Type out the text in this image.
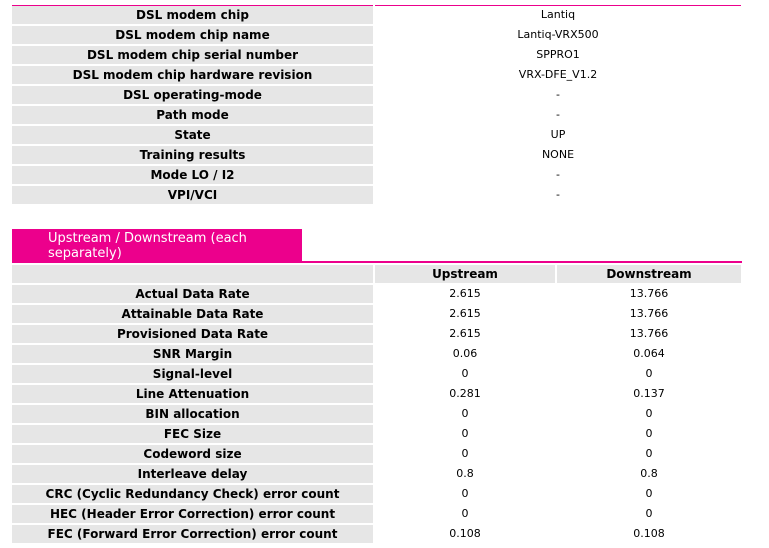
DSL modem chip	Lantiq
DSL modem chip name	Lantiq-VRX500
DSL modem chip serial number	SPPRO1
DSL modem chip hardware revision	VRX-DFE_V1.2
DSL operating-mode	-
Path mode	-
State	UP
Training results	NONE
Mode LO / I2	-
VPI/VCI	-
Upstream / Downstream (each separately)
	Upstream	Downstream
Actual Data Rate	2.615	13.766
Attainable Data Rate	2.615	13.766
Provisioned Data Rate	2.615	13.766
SNR Margin	0.06	0.064
Signal-level	0	0
Line Attenuation	0.281	0.137
BIN allocation	0	0
FEC Size	0	0
Codeword size	0	0
Interleave delay	0.8	0.8
CRC (Cyclic Redundancy Check) error count	0	0
HEC (Header Error Correction) error count	0	0
FEC (Forward Error Correction) error count	0.108	0.108
